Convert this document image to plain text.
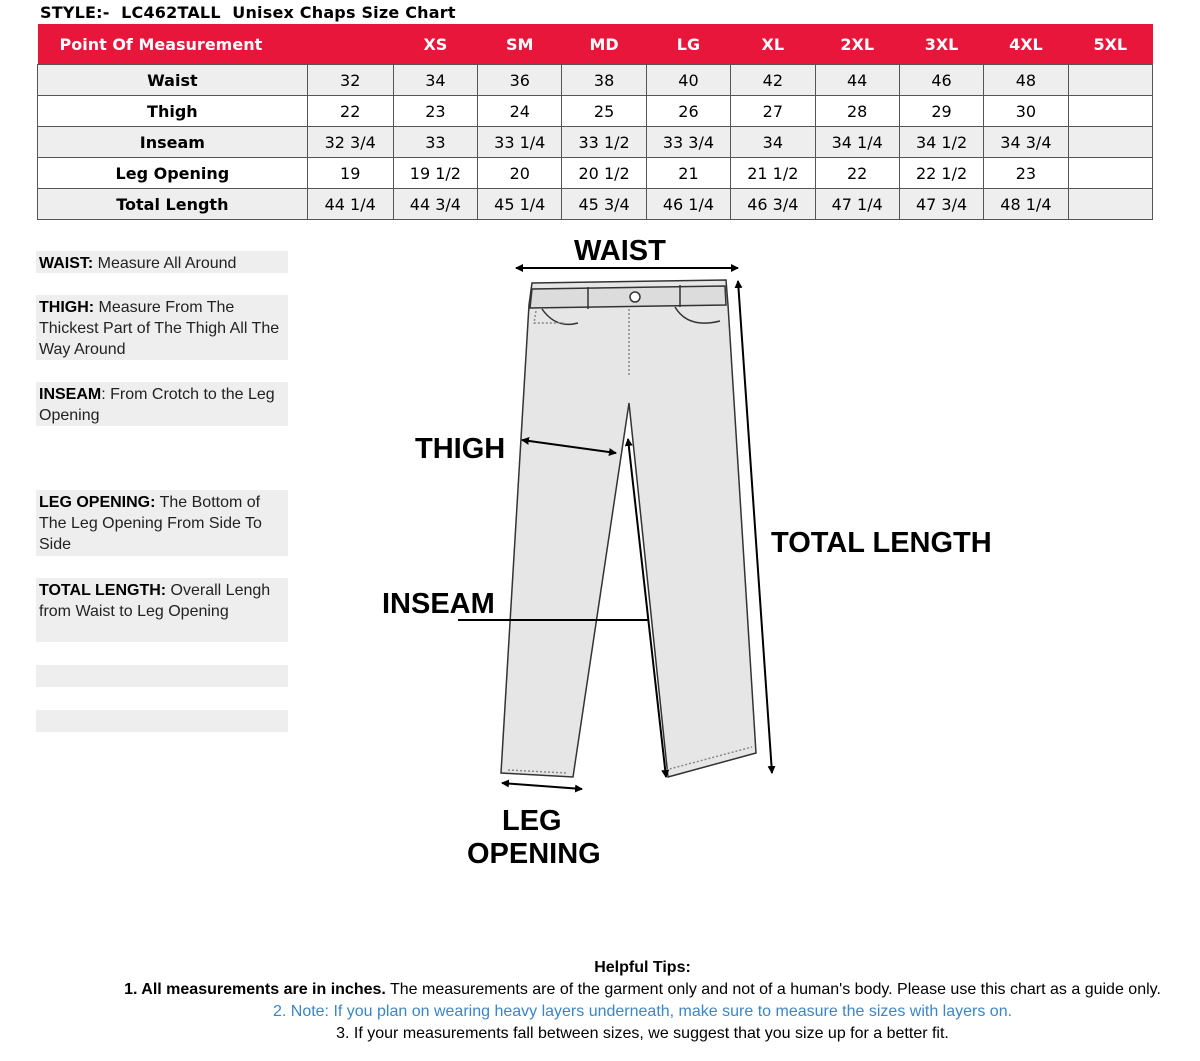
STYLE:-  LC462TALL  Unisex Chaps Size Chart
Point Of Measurement		XS	SM	MD	LG	XL	2XL	3XL	4XL	5XL
Waist	32	34	36	38	40	42	44	46	48	
Thigh	22	23	24	25	26	27	28	29	30	
Inseam	32 3/4	33	33 1/4	33 1/2	33 3/4	34	34 1/4	34 1/2	34 3/4	
Leg Opening	19	19 1/2	20	20 1/2	21	21 1/2	22	22 1/2	23	
Total Length	44 1/4	44 3/4	45 1/4	45 3/4	46 1/4	46 3/4	47 1/4	47 3/4	48 1/4	
WAIST: Measure All Around
THIGH: Measure From The Thickest Part of The Thigh All The Way Around
INSEAM: From Crotch to the Leg Opening
LEG OPENING: The Bottom of The Leg Opening From Side To Side
TOTAL LENGTH: Overall Lengh from Waist to Leg Opening
WAIST
THIGH
INSEAM
TOTAL LENGTH
LEG
OPENING
Helpful Tips:
1. All measurements are in inches. The measurements are of the garment only and not of a human's body. Please use this chart as a guide only.
2. Note: If you plan on wearing heavy layers underneath, make sure to measure the sizes with layers on.
3. If your measurements fall between sizes, we suggest that you size up for a better fit.
